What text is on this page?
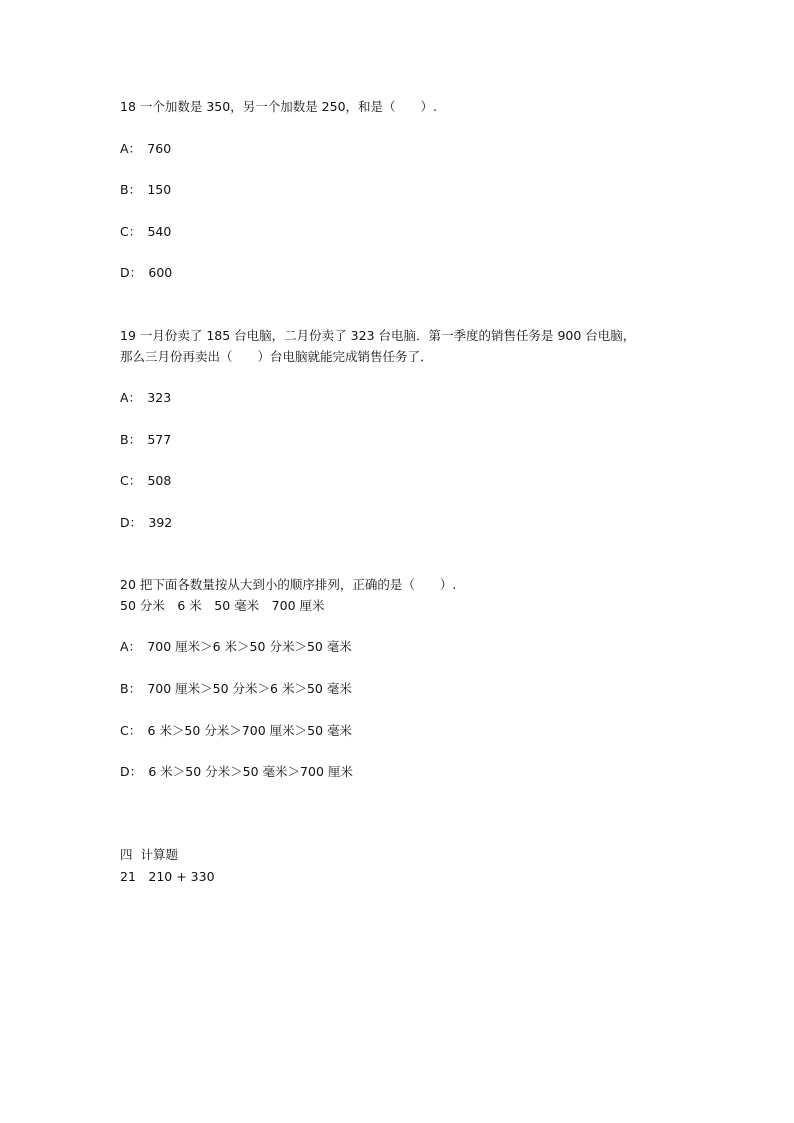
18 一个加数是 350，另一个加数是 250，和是（　　）.
A：　760
B：　150
C：　540
D：　600
19 一月份卖了 185 台电脑，二月份卖了 323 台电脑．第一季度的销售任务是 900 台电脑，
那么三月份再卖出（　　）台电脑就能完成销售任务了．
A：　323
B：　577
C：　508
D：　392
20 把下面各数量按从大到小的顺序排列，正确的是（　　）.
50 分米　6 米　50 毫米　700 厘米
A：　700 厘米＞6 米＞50 分米＞50 毫米
B：　700 厘米＞50 分米＞6 米＞50 毫米
C：　6 米＞50 分米＞700 厘米＞50 毫米
D：　6 米＞50 分米＞50 毫米＞700 厘米
四  计算题
21　210 + 330
